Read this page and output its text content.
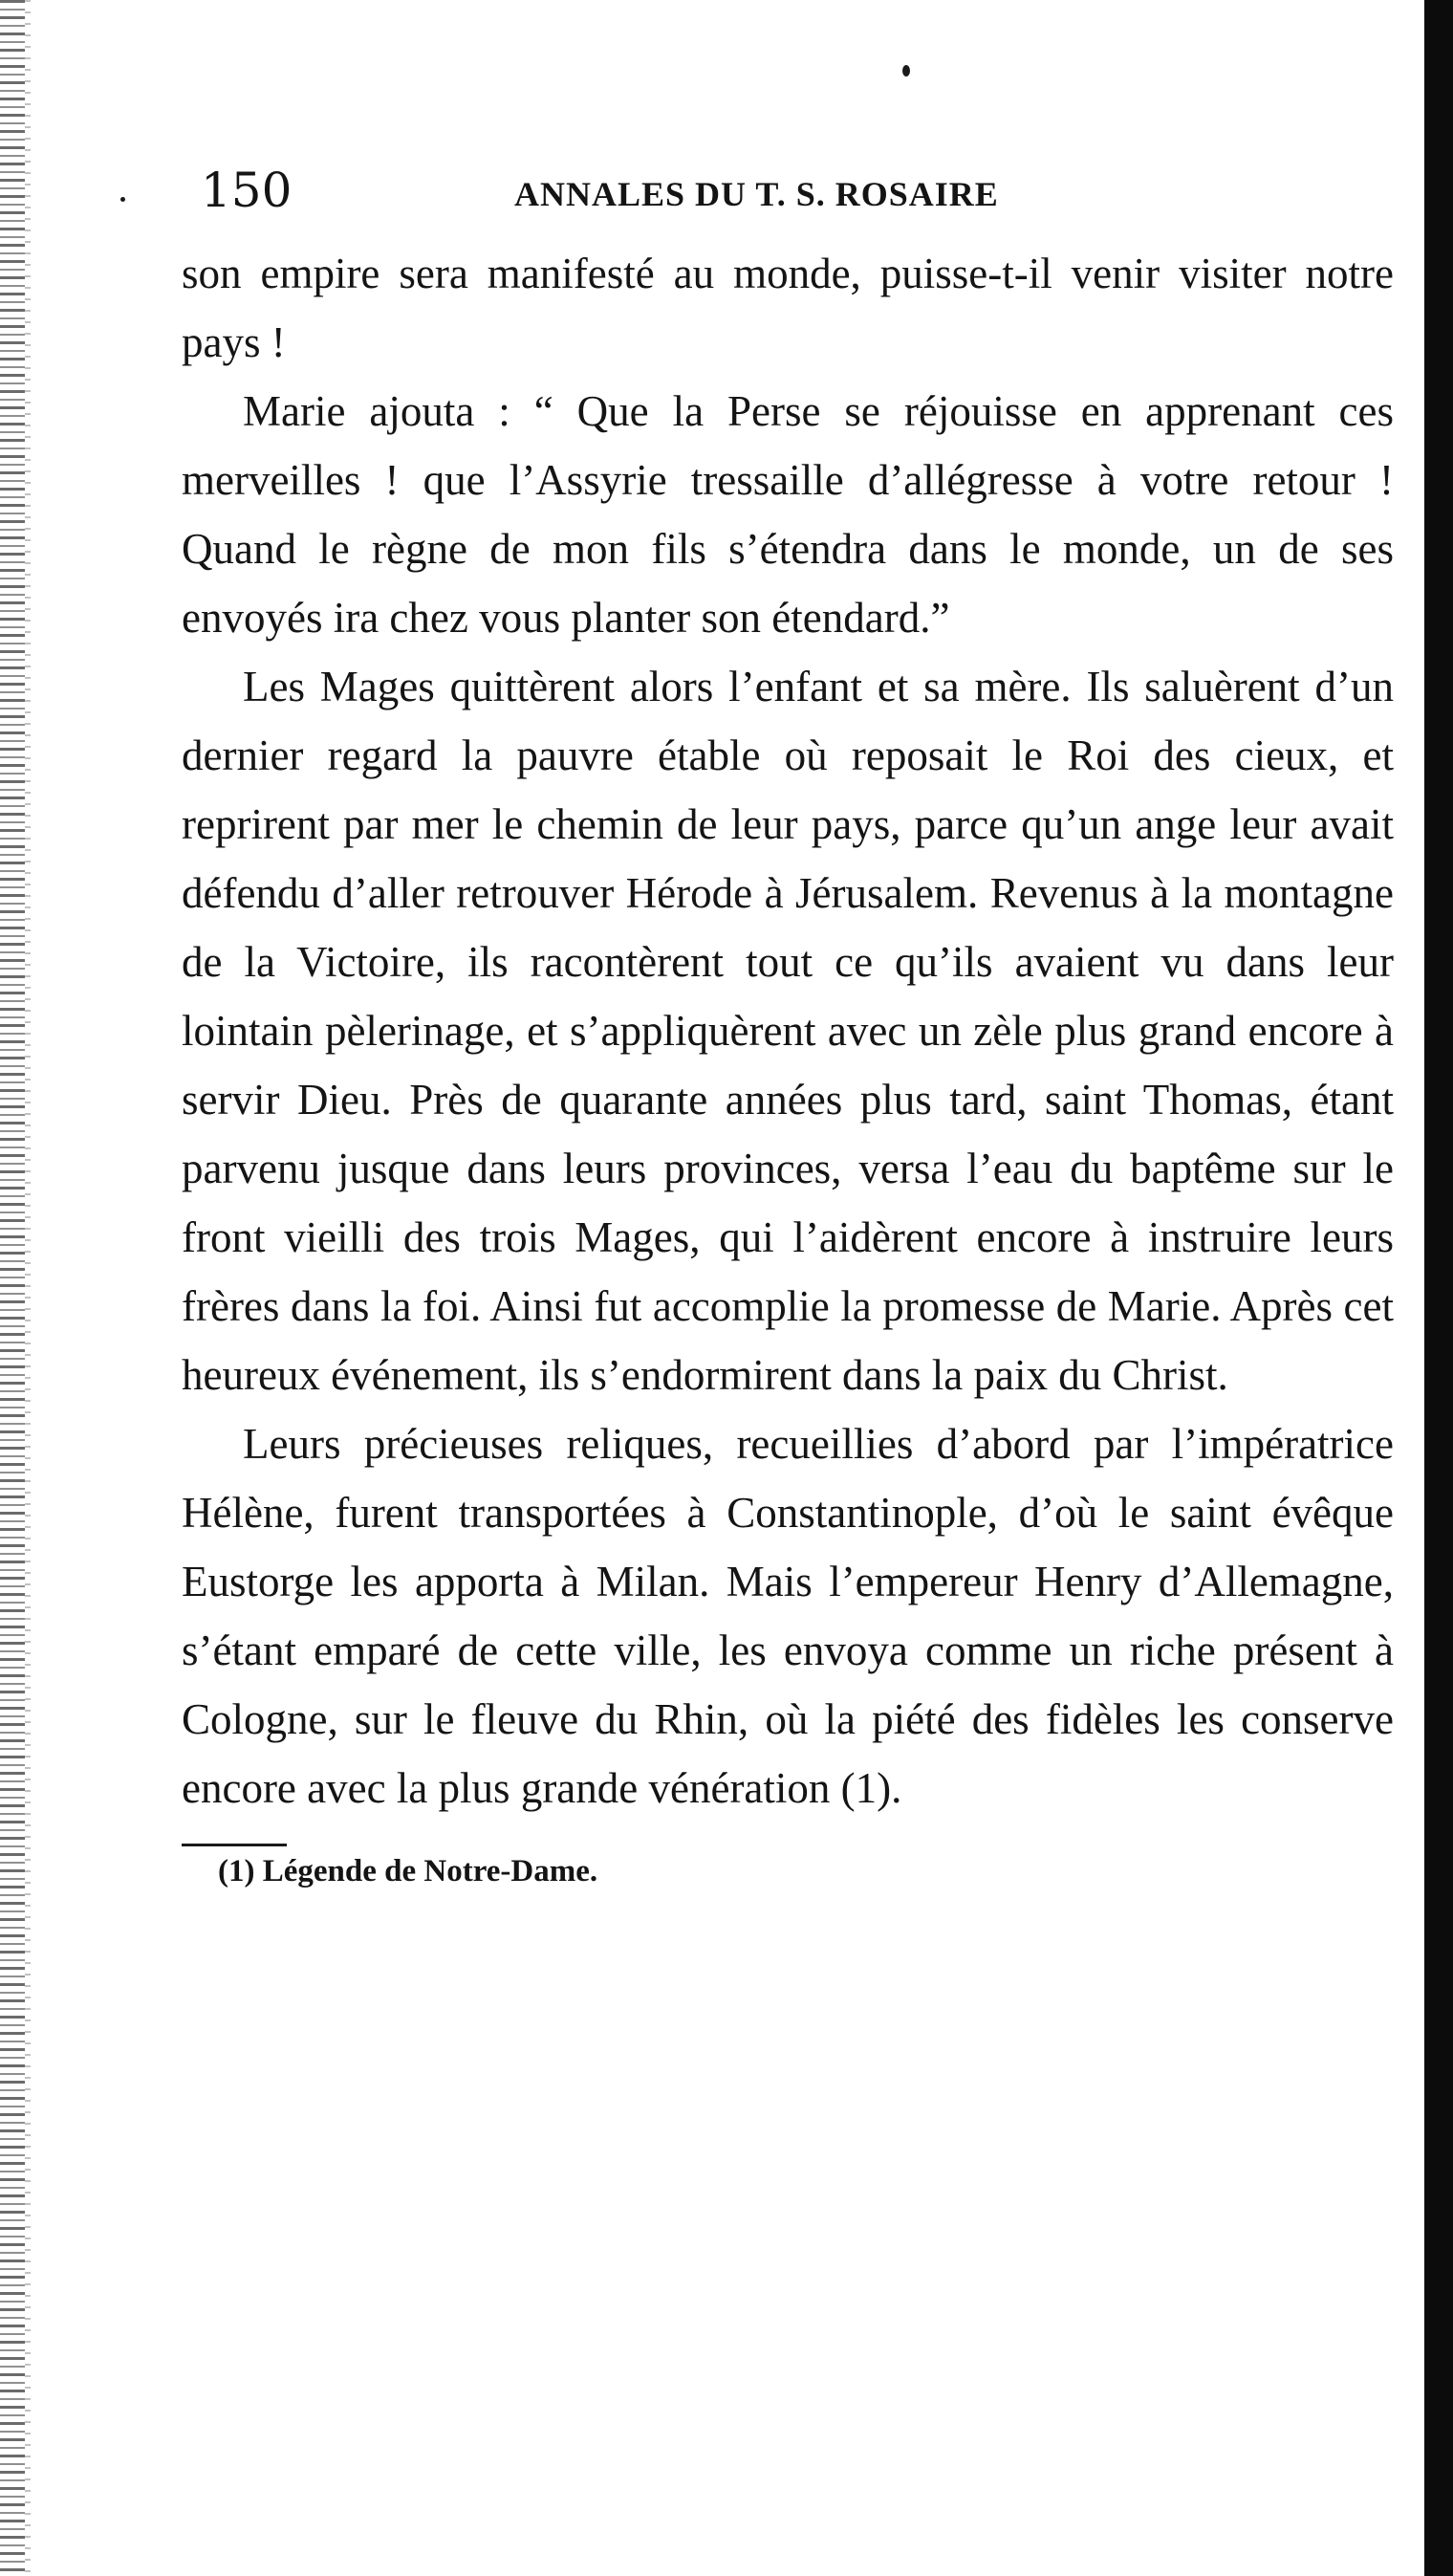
150	ANNALES DU T. S. ROSAIRE

son empire sera manifesté au monde, puisse-t-il venir visiter notre pays !

Marie ajouta : “ Que la Perse se réjouisse en apprenant ces merveilles ! que l’Assyrie tressaille d’allégresse à votre retour ! Quand le règne de mon fils s’étendra dans le monde, un de ses envoyés ira chez vous planter son étendard.”

Les Mages quittèrent alors l’enfant et sa mère. Ils saluèrent d’un dernier regard la pauvre étable où reposait le Roi des cieux, et reprirent par mer le chemin de leur pays, parce qu’un ange leur avait défendu d’aller retrouver Hérode à Jérusalem. Revenus à la montagne de la Victoire, ils racontèrent tout ce qu’ils avaient vu dans leur lointain pèlerinage, et s’appliquèrent avec un zèle plus grand encore à servir Dieu. Près de quarante années plus tard, saint Thomas, étant parvenu jusque dans leurs provinces, versa l’eau du baptême sur le front vieilli des trois Mages, qui l’aidèrent encore à instruire leurs frères dans la foi. Ainsi fut accomplie la promesse de Marie. Après cet heureux événement, ils s’endormirent dans la paix du Christ.

Leurs précieuses reliques, recueillies d’abord par l’impératrice Hélène, furent transportées à Constantinople, d’où le saint évêque Eustorge les apporta à Milan. Mais l’empereur Henry d’Allemagne, s’étant emparé de cette ville, les envoya comme un riche présent à Cologne, sur le fleuve du Rhin, où la piété des fidèles les conserve encore avec la plus grande vénération (1).

(1) Légende de Notre-Dame.
